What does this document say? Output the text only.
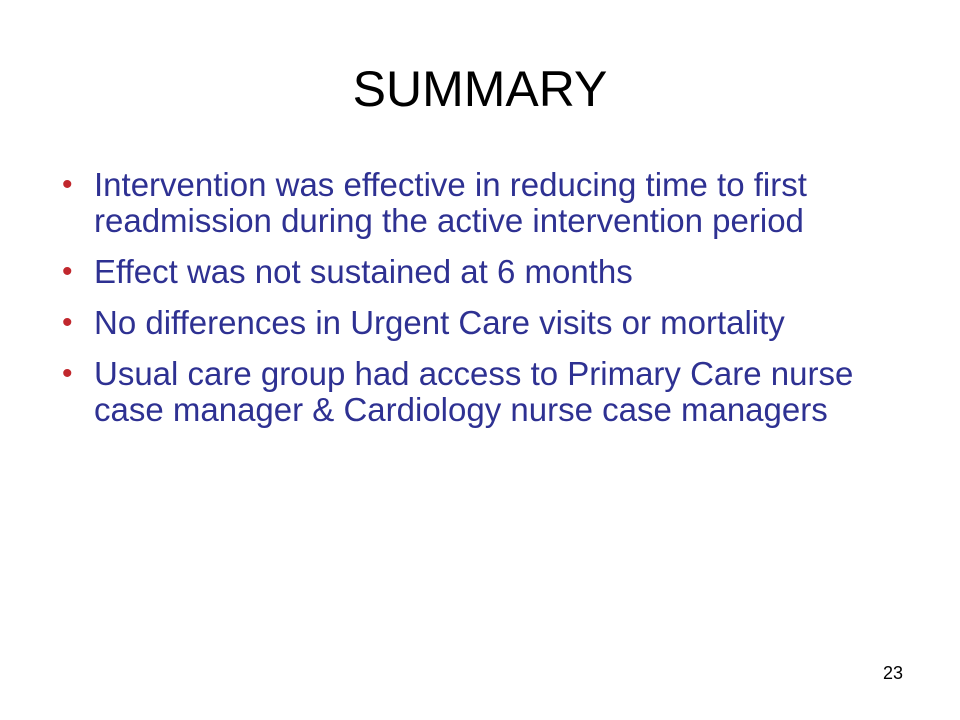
SUMMARY
• Intervention was effective in reducing time to first readmission during the active intervention period
• Effect was not sustained at 6 months
• No differences in Urgent Care visits or mortality
• Usual care group had access to Primary Care nurse case manager & Cardiology nurse case managers
23
